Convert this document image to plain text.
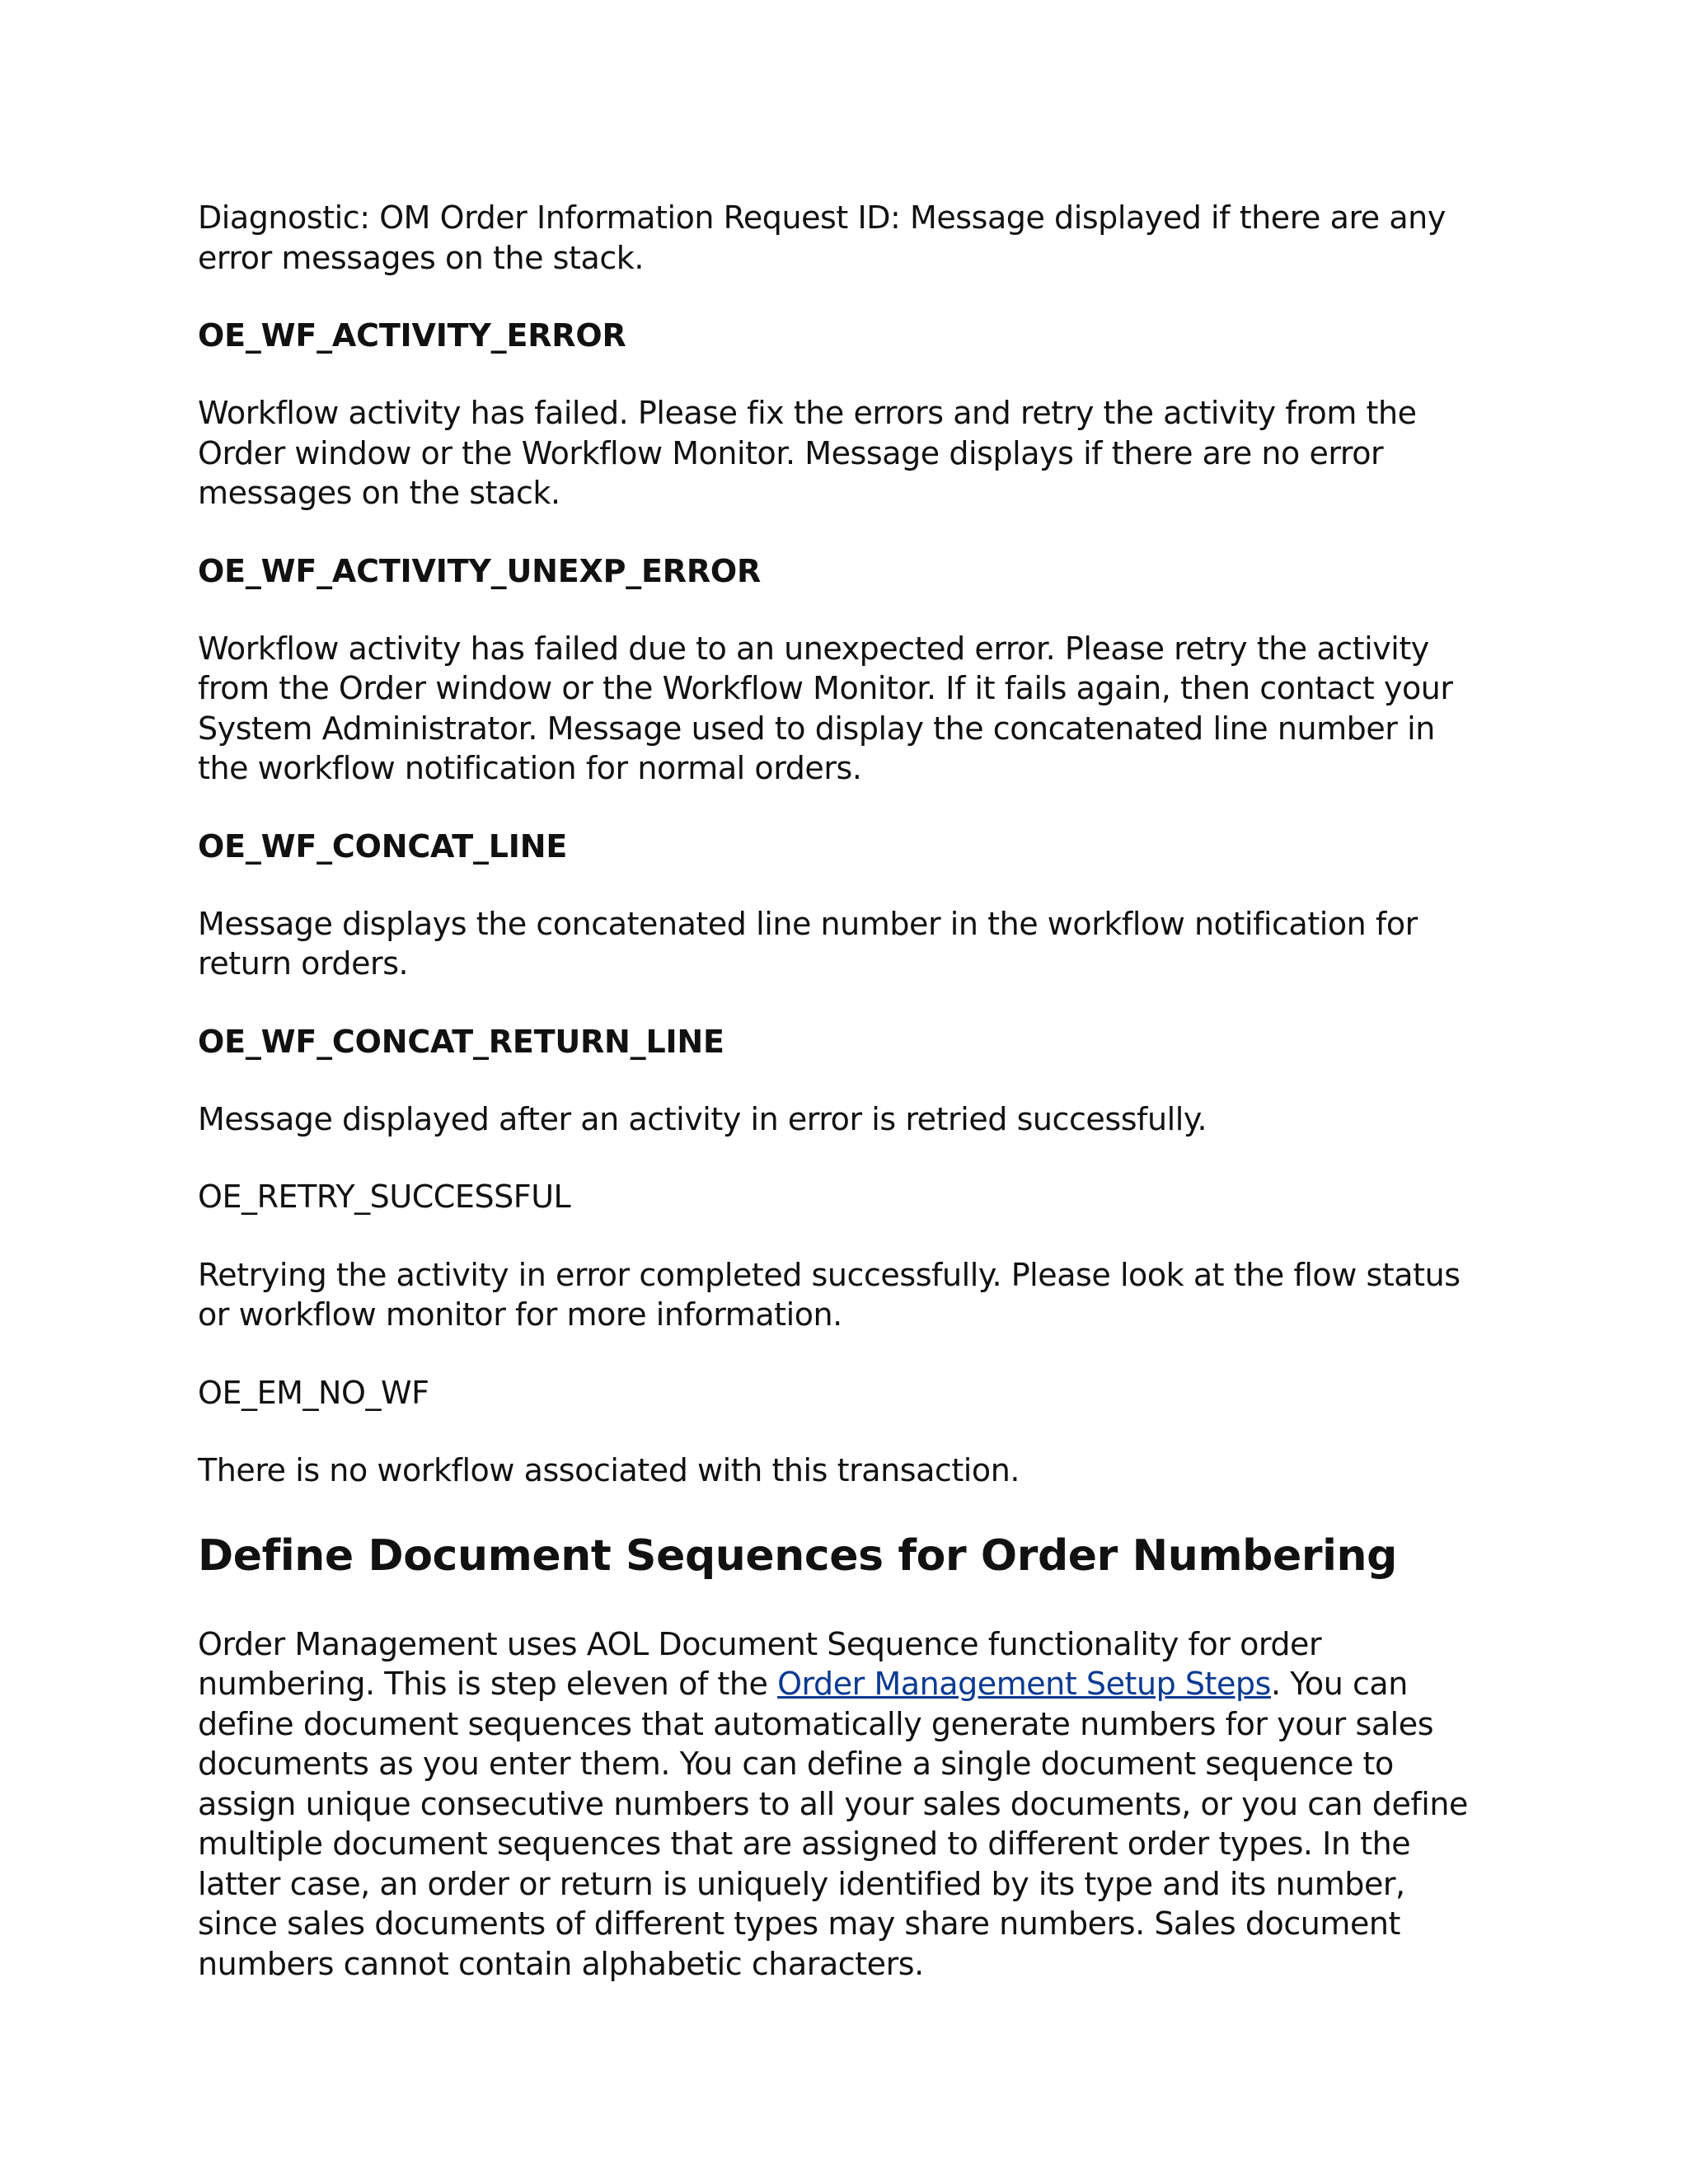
Diagnostic: OM Order Information Request ID: Message displayed if there are any error messages on the stack.

OE_WF_ACTIVITY_ERROR

Workflow activity has failed. Please fix the errors and retry the activity from the Order window or the Workflow Monitor. Message displays if there are no error messages on the stack.

OE_WF_ACTIVITY_UNEXP_ERROR

Workflow activity has failed due to an unexpected error. Please retry the activity from the Order window or the Workflow Monitor. If it fails again, then contact your System Administrator. Message used to display the concatenated line number in the workflow notification for normal orders.

OE_WF_CONCAT_LINE

Message displays the concatenated line number in the workflow notification for return orders.

OE_WF_CONCAT_RETURN_LINE

Message displayed after an activity in error is retried successfully.

OE_RETRY_SUCCESSFUL

Retrying the activity in error completed successfully. Please look at the flow status or workflow monitor for more information.

OE_EM_NO_WF

There is no workflow associated with this transaction.

Define Document Sequences for Order Numbering

Order Management uses AOL Document Sequence functionality for order numbering. This is step eleven of the Order Management Setup Steps. You can define document sequences that automatically generate numbers for your sales documents as you enter them. You can define a single document sequence to assign unique consecutive numbers to all your sales documents, or you can define multiple document sequences that are assigned to different order types. In the latter case, an order or return is uniquely identified by its type and its number, since sales documents of different types may share numbers. Sales document numbers cannot contain alphabetic characters.
